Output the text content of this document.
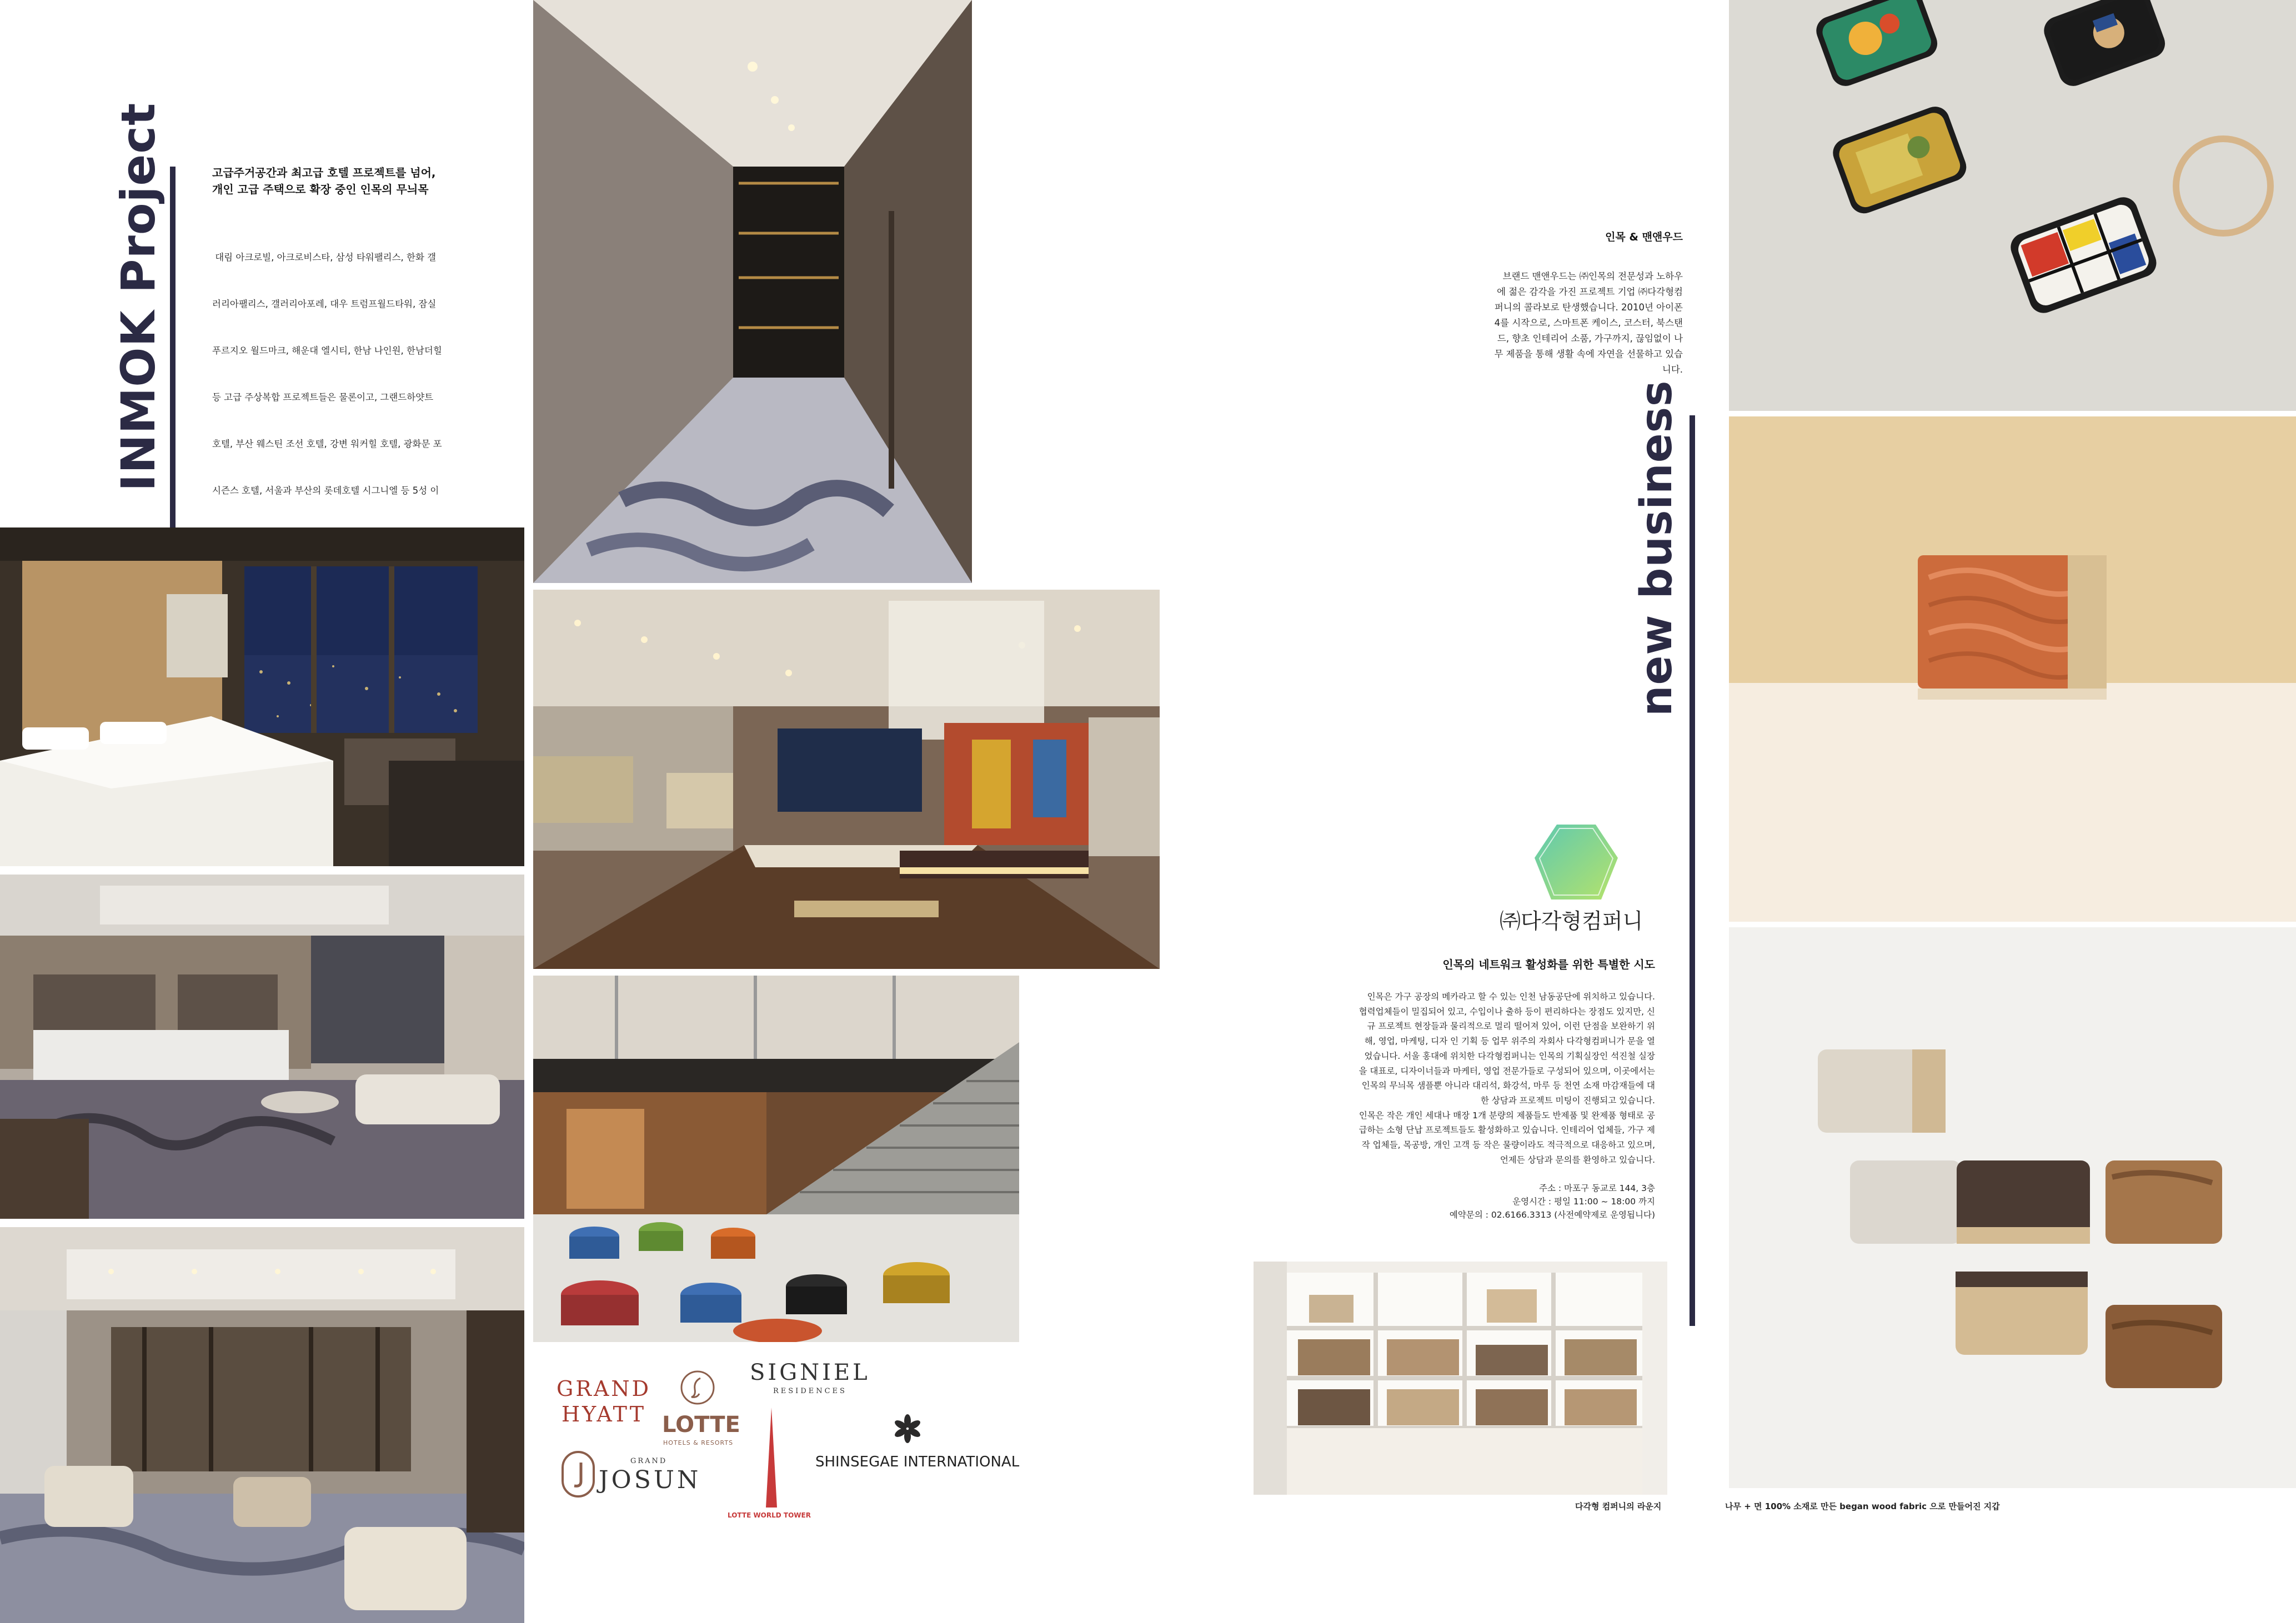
INMOK Project	고급주거공간과 최고급 호텔 프로젝트를 넘어,
개인 고급 주택으로 확장 중인 인목의 무늬목

대림 아크로빌, 아크로비스타, 삼성 타워팰리스, 한화 갤

러리아팰리스, 갤러리아포레, 대우 트럼프월드타워, 잠실

푸르지오 월드마크, 해운대 엘시티, 한남 나인원, 한남더힐

등 고급 주상복합 프로젝트들은 물론이고, 그랜드하얏트

호텔, 부산 웨스틴 조선 호텔, 강변 워커힐 호텔, 광화문 포

시즌스 호텔, 서울과 부산의 롯데호텔 시그니엘 등 5성 이

GRAND
HYATT LOTTE
HOTELS & RESORTS
SIGNIEL
RESIDENCES
LOTTE WORLD TOWER
SHINSEGAE INTERNATIONAL
GRAND
JOSUN
인목 & 맨앤우드
브랜드 맨앤우드는 ㈜인목의 전문성과 노하우
에 젊은 감각을 가진 프로젝트 기업 ㈜다각형컴
퍼니의 콜라보로 탄생했습니다. 2010년 아이폰
4를 시작으로, 스마트폰 케이스, 코스터, 북스탠
드, 향초 인테리어 소품, 가구까지, 끊임없이 나
무 제품을 통해 생활 속에 자연을 선물하고 있습
니다.
new business
㈜다각형컴퍼니
인목의 네트워크 활성화를 위한 특별한 시도
인목은 가구 공장의 메카라고 할 수 있는 인천 남동공단에 위치하고 있습니다.
협력업체들이 밀집되어 있고, 수입이나 출하 등이 편리하다는 장점도 있지만, 신
규 프로젝트 현장들과 물리적으로 멀리 떨어져 있어, 이런 단점을 보완하기 위
해, 영업, 마케팅, 디자 인 기획 등 업무 위주의 자회사 다각형컴퍼니가 문을 열
었습니다. 서울 홍대에 위치한 다각형컴퍼니는 인목의 기획실장인 석진철 실장
을 대표로, 디자이너들과 마케터, 영업 전문가들로 구성되어 있으며, 이곳에서는
인목의 무늬목 샘플뿐 아니라 대리석, 화강석, 마루 등 천연 소재 마감재들에 대
한 상담과 프로젝트 미팅이 진행되고 있습니다.
인목은 작은 개인 세대나 매장 1개 분량의 제품들도 반제품 및 완제품 형태로 공
급하는 소형 단납 프로젝트들도 활성화하고 있습니다. 인테리어 업체들, 가구 제
작 업체들, 목공방, 개인 고객 등 작은 물량이라도 적극적으로 대응하고 있으며,
언제든 상담과 문의를 환영하고 있습니다.
주소 : 마포구 동교로 144, 3층
운영시간 : 평일 11:00 ~ 18:00 까지
예약문의 : 02.6166.3313 (사전예약제로 운영됩니다)
다각형 컴퍼니의 라운지	나무 + 면 100% 소재로 만든 began wood fabric 으로 만들어진 지갑
